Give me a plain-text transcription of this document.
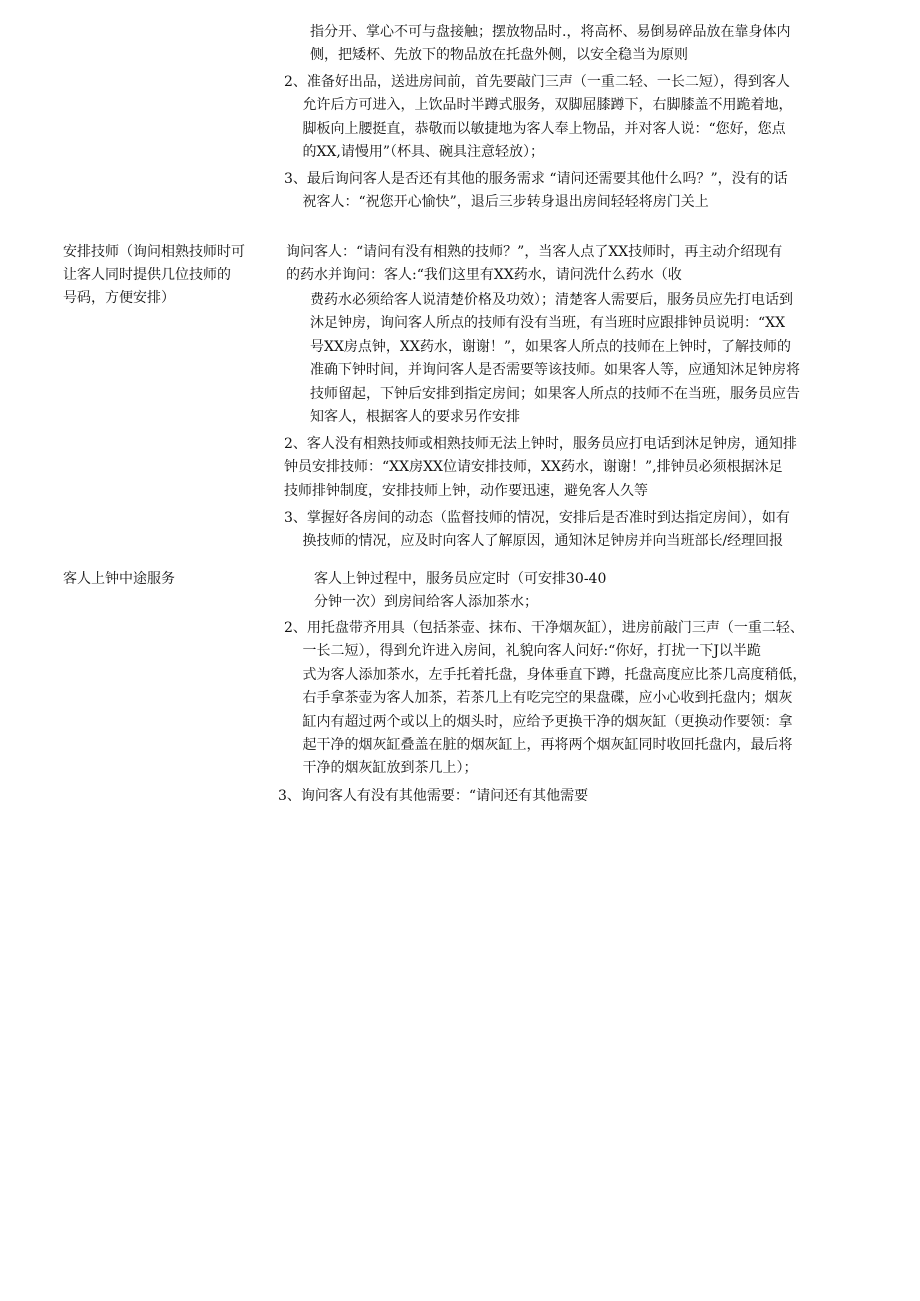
指分开、掌心不可与盘接触；摆放物品时.，将高杯、易倒易碎品放在靠身体内
侧，把矮杯、先放下的物品放在托盘外侧，以安全稳当为原则
2、准备好出品，送进房间前，首先要敲门三声（一重二轻、一长二短），得到客人
　 允许后方可进入，上饮品时半蹲式服务，双脚屈膝蹲下，右脚膝盖不用跪着地，
　 脚板向上腰挺直，恭敬而以敏捷地为客人奉上物品，并对客人说：“您好，您点
　 的XX,请慢用”（杯具、碗具注意轻放）；
3、最后询问客人是否还有其他的服务需求 “请问还需要其他什么吗？”，没有的话
　 祝客人：“祝您开心愉快”，退后三步转身退出房间轻轻将房门关上
安排技师（询问相熟技师时可
让客人同时提供几位技师的
号码，方便安排）
询问客人：“请问有没有相熟的技师？”，当客人点了XX技师时，再主动介绍现有
的药水并询问：客人:“我们这里有XX药水，请问洗什么药水（收
费药水必须给客人说清楚价格及功效）；清楚客人需要后，服务员应先打电话到
沐足钟房，询问客人所点的技师有没有当班，有当班时应跟排钟员说明：“XX
号XX房点钟，XX药水，谢谢！”，如果客人所点的技师在上钟时，了解技师的
准确下钟时间，并询问客人是否需要等该技师。如果客人等，应通知沐足钟房将
技师留起，下钟后安排到指定房间；如果客人所点的技师不在当班，服务员应告
知客人，根据客人的要求另作安排
2、客人没有相熟技师或相熟技师无法上钟时，服务员应打电话到沐足钟房，通知排
钟员安排技师：“XX房XX位请安排技师，XX药水，谢谢！”,排钟员必须根据沐足
技师排钟制度，安排技师上钟，动作要迅速，避免客人久等
3、掌握好各房间的动态（监督技师的情况，安排后是否准时到达指定房间），如有
　 换技师的情况，应及时向客人了解原因，通知沐足钟房并向当班部长/经理回报
客人上钟中途服务	客人上钟过程中，服务员应定时（可安排30-40
分钟一次）到房间给客人添加茶水；
2、用托盘带齐用具（包括茶壶、抹布、干净烟灰缸），进房前敲门三声（一重二轻、
　 一长二短），得到允许进入房间，礼貌向客人问好:“你好，打扰一下J以半跪
　 式为客人添加茶水，左手托着托盘，身体垂直下蹲，托盘高度应比茶几高度稍低，
　 右手拿茶壶为客人加茶，若茶几上有吃完空的果盘碟，应小心收到托盘内；烟灰
　 缸内有超过两个或以上的烟头时，应给予更换干净的烟灰缸（更换动作要领：拿
　 起干净的烟灰缸叠盖在脏的烟灰缸上，再将两个烟灰缸同时收回托盘内，最后将
　 干净的烟灰缸放到茶几上）；
3、询问客人有没有其他需要：“请问还有其他需要
